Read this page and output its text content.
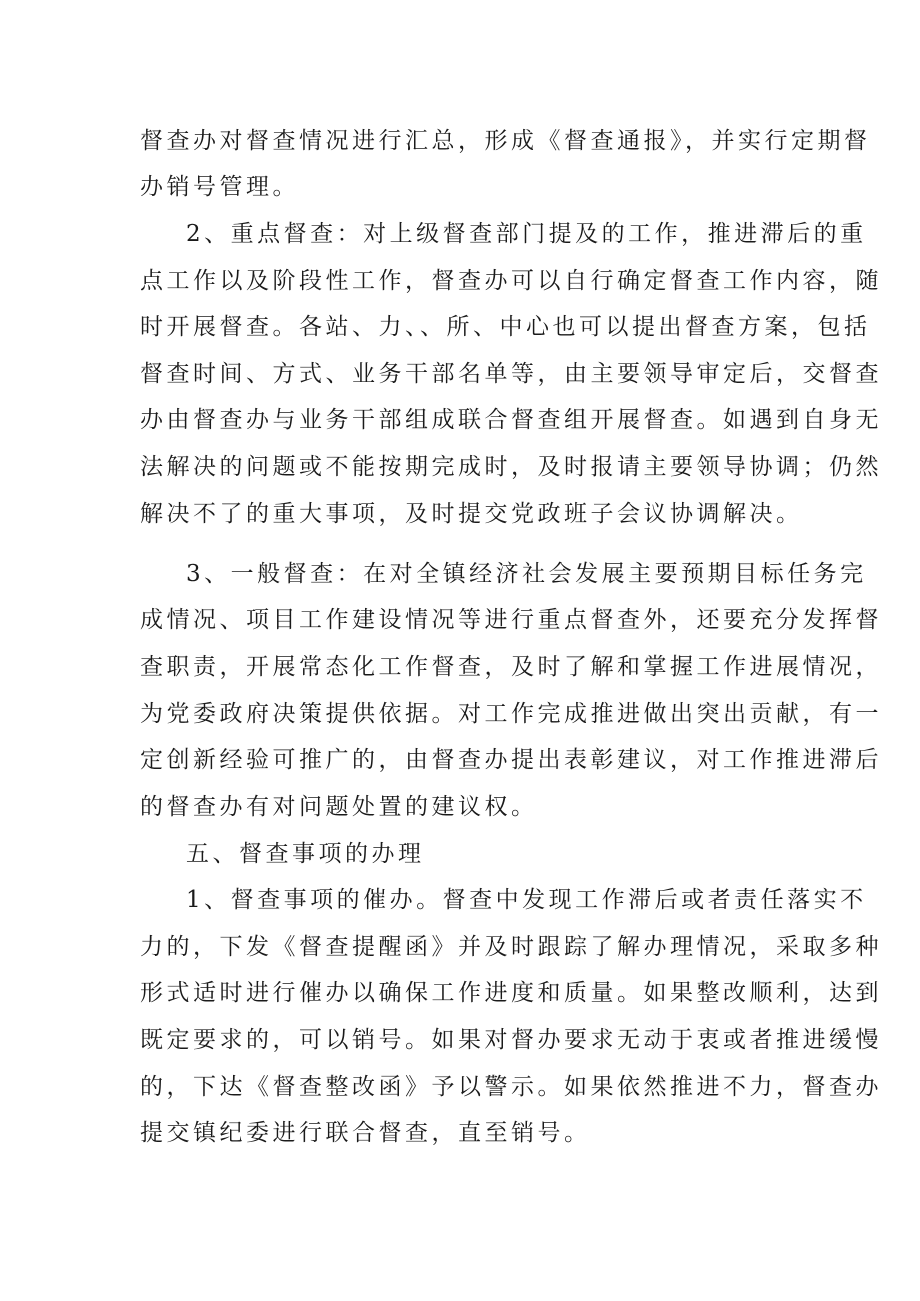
督查办对督查情况进行汇总，形成《督查通报》，并实行定期督
办销号管理。
2、重点督查：对上级督查部门提及的工作，推进滞后的重
点工作以及阶段性工作，督查办可以自行确定督查工作内容，随
时开展督查。各站、力、、所、中心也可以提出督查方案，包括
督查时间、方式、业务干部名单等，由主要领导审定后，交督查
办由督查办与业务干部组成联合督查组开展督查。如遇到自身无
法解决的问题或不能按期完成时，及时报请主要领导协调；仍然
解决不了的重大事项，及时提交党政班子会议协调解决。
3、一般督查：在对全镇经济社会发展主要预期目标任务完
成情况、项目工作建设情况等进行重点督查外，还要充分发挥督
查职责，开展常态化工作督查，及时了解和掌握工作进展情况，
为党委政府决策提供依据。对工作完成推进做出突出贡献，有一
定创新经验可推广的，由督查办提出表彰建议，对工作推进滞后
的督查办有对问题处置的建议权。
五、督查事项的办理
1、督查事项的催办。督查中发现工作滞后或者责任落实不
力的，下发《督查提醒函》并及时跟踪了解办理情况，采取多种
形式适时进行催办以确保工作进度和质量。如果整改顺利，达到
既定要求的，可以销号。如果对督办要求无动于衷或者推进缓慢
的，下达《督查整改函》予以警示。如果依然推进不力，督查办
提交镇纪委进行联合督查，直至销号。
